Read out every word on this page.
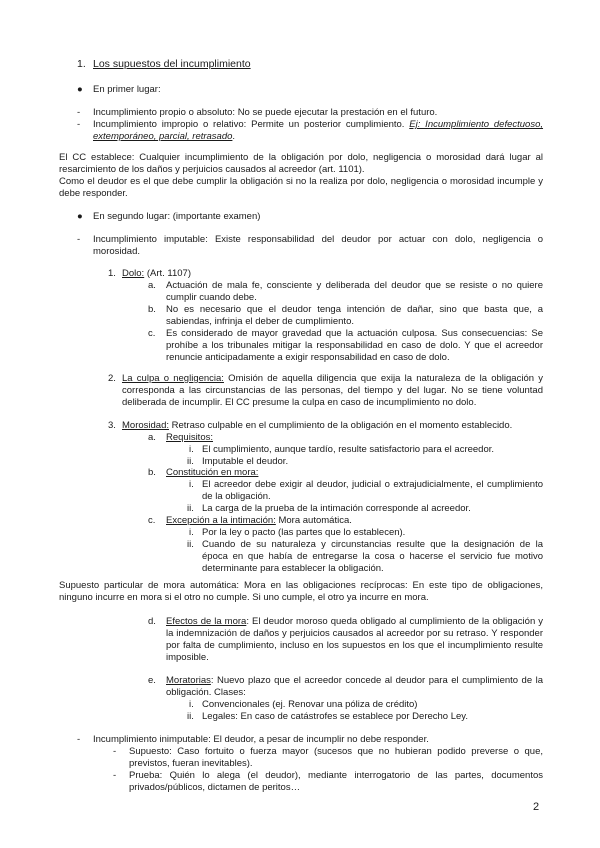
1. Los supuestos del incumplimiento
● En primer lugar:
- Incumplimiento propio o absoluto: No se puede ejecutar la prestación en el futuro.
- Incumplimiento impropio o relativo: Permite un posterior cumplimiento. Ej: Incumplimiento defectuoso, extemporáneo, parcial, retrasado.

El CC establece: Cualquier incumplimiento de la obligación por dolo, negligencia o morosidad dará lugar al resarcimiento de los daños y perjuicios causados al acreedor (art. 1101).

Como el deudor es el que debe cumplir la obligación si no la realiza por dolo, negligencia o morosidad incumple y debe responder.

● En segundo lugar: (importante examen)
- Incumplimiento imputable: Existe responsabilidad del deudor por actuar con dolo, negligencia o morosidad.
1. Dolo: (Art. 1107)
a. Actuación de mala fe, consciente y deliberada del deudor que se resiste o no quiere cumplir cuando debe.
b. No es necesario que el deudor tenga intención de dañar, sino que basta que, a sabiendas, infrinja el deber de cumplimiento.
c. Es considerado de mayor gravedad que la actuación culposa. Sus consecuencias: Se prohíbe a los tribunales mitigar la responsabilidad en caso de dolo. Y que el acreedor renuncie anticipadamente a exigir responsabilidad en caso de dolo.
2. La culpa o negligencia: Omisión de aquella diligencia que exija la naturaleza de la obligación y corresponda a las circunstancias de las personas, del tiempo y del lugar. No se tiene voluntad deliberada de incumplir. El CC presume la culpa en caso de incumplimiento no dolo.
3. Morosidad: Retraso culpable en el cumplimiento de la obligación en el momento establecido.
a. Requisitos:
i. El cumplimiento, aunque tardío, resulte satisfactorio para el acreedor.
ii. Imputable el deudor.
b. Constitución en mora:
i. El acreedor debe exigir al deudor, judicial o extrajudicialmente, el cumplimiento de la obligación.
ii. La carga de la prueba de la intimación corresponde al acreedor.
c. Excepción a la intimación: Mora automática.
i. Por la ley o pacto (las partes que lo establecen).
ii. Cuando de su naturaleza y circunstancias resulte que la designación de la época en que había de entregarse la cosa o hacerse el servicio fue motivo determinante para establecer la obligación.
Supuesto particular de mora automática: Mora en las obligaciones recíprocas: En este tipo de obligaciones, ninguno incurre en mora si el otro no cumple. Si uno cumple, el otro ya incurre en mora.
d. Efectos de la mora: El deudor moroso queda obligado al cumplimiento de la obligación y la indemnización de daños y perjuicios causados al acreedor por su retraso. Y responder por falta de cumplimiento, incluso en los supuestos en los que el incumplimiento resulte imposible.
e. Moratorias: Nuevo plazo que el acreedor concede al deudor para el cumplimiento de la obligación. Clases:
i. Convencionales (ej. Renovar una póliza de crédito)
ii. Legales: En caso de catástrofes se establece por Derecho Ley.
- Incumplimiento inimputable: El deudor, a pesar de incumplir no debe responder.
- Supuesto: Caso fortuito o fuerza mayor (sucesos que no hubieran podido preverse o que, previstos, fueran inevitables).
- Prueba: Quién lo alega (el deudor), mediante interrogatorio de las partes, documentos privados/públicos, dictamen de peritos…
2
